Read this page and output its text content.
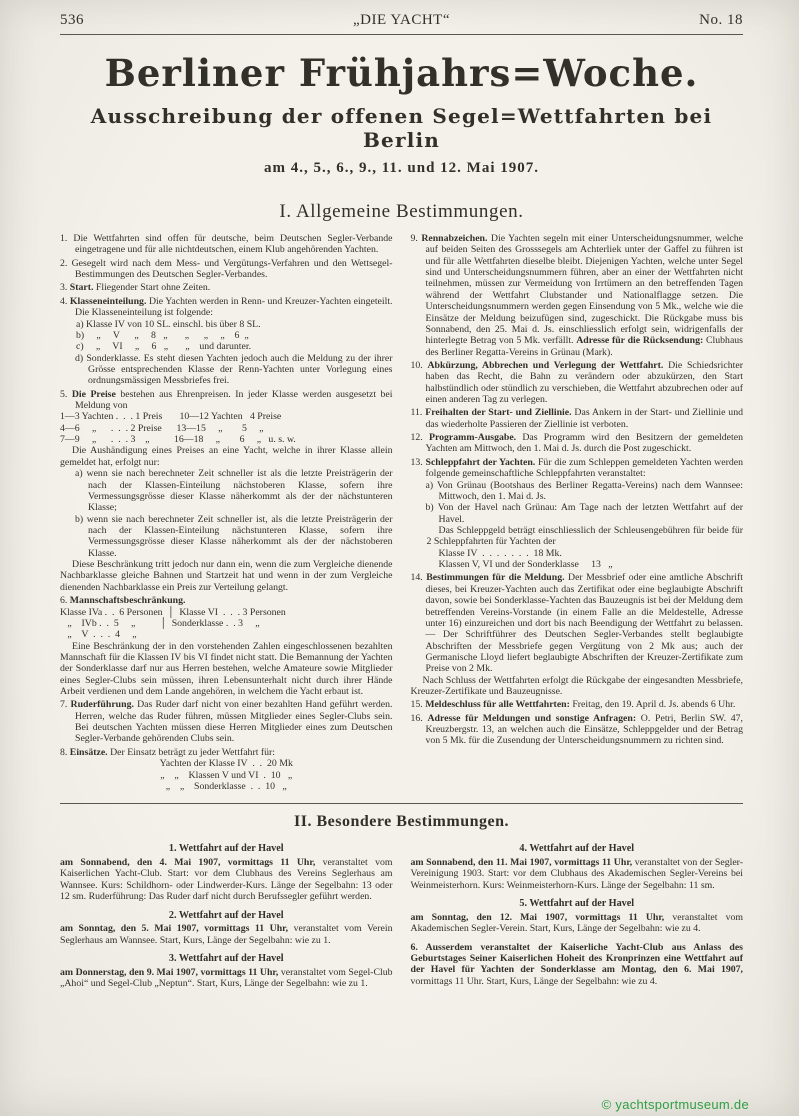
536	„DIE YACHT“	No. 18
Berliner Frühjahrs=Woche.
Ausschreibung der offenen Segel=Wettfahrten bei Berlin
am 4., 5., 6., 9., 11. und 12. Mai 1907.
I. Allgemeine Bestimmungen.

1. Die Wettfahrten sind offen für deutsche, beim Deutschen Segler-Verbande eingetragene und für alle nichtdeutschen, einem Klub angehörenden Yachten.

2. Gesegelt wird nach dem Mess- und Vergütungs-Verfahren und den Wettsegel-Bestimmungen des Deutschen Segler-Verbandes.

3. Start. Fliegender Start ohne Zeiten.

4. Klasseneinteilung. Die Yachten werden in Renn- und Kreuzer-Yachten eingeteilt. Die Klasseneinteilung ist folgende:

a) Klasse IV von 10 SL. einschl. bis über 8 SL.

b)     „     V      „     8   „       „      „     „    6  „

c)     „     VI     „     6   „       „    und darunter.

d) Sonderklasse. Es steht diesen Yachten jedoch auch die Meldung zu der ihrer Grösse entsprechenden Klasse der Renn-Yachten unter Vorlegung eines ordnungsmässigen Messbriefes frei.

5. Die Preise bestehen aus Ehrenpreisen. In jeder Klasse werden ausgesetzt bei Meldung von

1—3 Yachten .  .  . 1 Preis       10—12 Yachten   4 Preise

4—6     „      .  .  . 2 Preise      13—15     „        5     „

7—9     „      .  .  . 3    „          16—18     „        6     „   u. s. w.

Die Aushändigung eines Preises an eine Yacht, welche in ihrer Klasse allein gemeldet hat, erfolgt nur:

a) wenn sie nach berechneter Zeit schneller ist als die letzte Preisträgerin der nach der Klassen-Einteilung nächstoberen Klasse, sofern ihre Vermessungsgrösse dieser Klasse näherkommt als der der nächstunteren Klasse;

b) wenn sie nach berechneter Zeit schneller ist, als die letzte Preisträgerin der nach der Klassen-Einteilung nächstunteren Klasse, sofern ihre Vermessungsgrösse dieser Klasse näherkommt als der der nächstoberen Klasse.

Diese Beschränkung tritt jedoch nur dann ein, wenn die zum Vergleiche dienende Nachbarklasse gleiche Bahnen und Startzeit hat und wenn in der zum Vergleiche dienenden Nachbarklasse ein Preis zur Verteilung gelangt.

6. Mannschaftsbeschränkung.

Klasse IVa .  .  6 Personen  │  Klasse VI  .  .  . 3 Personen

„    IVb .  .  5     „          │  Sonderklasse .  . 3     „

„    V  .  .  .  4     „

Eine Beschränkung der in den vorstehenden Zahlen eingeschlossenen bezahlten Mannschaft für die Klassen IV bis VI findet nicht statt. Die Bemannung der Yachten der Sonderklasse darf nur aus Herren bestehen, welche Amateure sowie Mitglieder eines Segler-Clubs sein müssen, ihren Lebensunterhalt nicht durch ihrer Hände Arbeit verdienen und dem Lande angehören, in welchem die Yacht erbaut ist.

7. Ruderführung. Das Ruder darf nicht von einer bezahlten Hand geführt werden. Herren, welche das Ruder führen, müssen Mitglieder eines Segler-Clubs sein. Bei deutschen Yachten müssen diese Herren Mitglieder eines zum Deutschen Segler-Verbande gehörenden Clubs sein.

8. Einsätze. Der Einsatz beträgt zu jeder Wettfahrt für:

Yachten der Klasse IV  .  .  20 Mk

„    „    Klassen V und VI  .  10   „

„    „    Sonderklasse  .  .  10   „

9. Rennabzeichen. Die Yachten segeln mit einer Unterscheidungsnummer, welche auf beiden Seiten des Grosssegels am Achterliek unter der Gaffel zu führen ist und für alle Wettfahrten dieselbe bleibt. Diejenigen Yachten, welche unter Segel sind und Unterscheidungsnummern führen, aber an einer der Wettfahrten nicht teilnehmen, müssen zur Vermeidung von Irrtümern an den betreffenden Tagen während der Wettfahrt Clubstander und Nationalflagge setzen. Die Unterscheidungsnummern werden gegen Einsendung von 5 Mk., welche wie die Einsätze der Meldung beizufügen sind, zugeschickt. Die Rückgabe muss bis Sonnabend, den 25. Mai d. Js. einschliesslich erfolgt sein, widrigenfalls der hinterlegte Betrag von 5 Mk. verfällt. Adresse für die Rücksendung: Clubhaus des Berliner Regatta-Vereins in Grünau (Mark).

10. Abkürzung, Abbrechen und Verlegung der Wettfahrt. Die Schiedsrichter haben das Recht, die Bahn zu verändern oder abzukürzen, den Start halbstündlich oder stündlich zu verschieben, die Wettfahrt abzubrechen oder auf einen anderen Tag zu verlegen.

11. Freihalten der Start- und Ziellinie. Das Ankern in der Start- und Ziellinie und das wiederholte Passieren der Ziellinie ist verboten.

12. Programm-Ausgabe. Das Programm wird den Besitzern der gemeldeten Yachten am Mittwoch, den 1. Mai d. Js. durch die Post zugeschickt.

13. Schleppfahrt der Yachten. Für die zum Schleppen gemeldeten Yachten werden folgende gemeinschaftliche Schleppfahrten veranstaltet:

a) Von Grünau (Bootshaus des Berliner Regatta-Vereins) nach dem Wannsee: Mittwoch, den 1. Mai d. Js.

b) Von der Havel nach Grünau: Am Tage nach der letzten Wettfahrt auf der Havel.

Das Schleppgeld beträgt einschliesslich der Schleusengebühren für beide für 2 Schleppfahrten für Yachten der

Klasse IV  .  .  .  .  .  .  .  18 Mk.

Klassen V, VI und der Sonderklasse     13   „

14. Bestimmungen für die Meldung. Der Messbrief oder eine amtliche Abschrift dieses, bei Kreuzer-Yachten auch das Zertifikat oder eine beglaubigte Abschrift davon, sowie bei Sonderklasse-Yachten das Bauzeugnis ist bei der Meldung dem betreffenden Vereins-Vorstande (in einem Falle an die Meldestelle, Adresse unter 16) einzureichen und dort bis nach Beendigung der Wettfahrt zu belassen. — Der Schriftführer des Deutschen Segler-Verbandes stellt beglaubigte Abschriften der Messbriefe gegen Vergütung von 2 Mk aus; auch der Germanische Lloyd liefert beglaubigte Abschriften der Kreuzer-Zertifikate zum Preise von 2 Mk.

Nach Schluss der Wettfahrten erfolgt die Rückgabe der eingesandten Messbriefe, Kreuzer-Zertifikate und Bauzeugnisse.

15. Meldeschluss für alle Wettfahrten: Freitag, den 19. April d. Js. abends 6 Uhr.

16. Adresse für Meldungen und sonstige Anfragen: O. Petri, Berlin SW. 47, Kreuzbergstr. 13, an welchen auch die Einsätze, Schleppgelder und der Betrag von 5 Mk. für die Zusendung der Unterscheidungsnummern zu richten sind.

II. Besondere Bestimmungen.

1. Wettfahrt auf der Havel

am Sonnabend, den 4. Mai 1907, vormittags 11 Uhr, veranstaltet vom Kaiserlichen Yacht-Club. Start: vor dem Clubhaus des Vereins Seglerhaus am Wannsee. Kurs: Schildhorn- oder Lindwerder-Kurs. Länge der Segelbahn: 13 oder 12 sm. Ruderführung: Das Ruder darf nicht durch Berufssegler geführt werden.

2. Wettfahrt auf der Havel

am Sonntag, den 5. Mai 1907, vormittags 11 Uhr, veranstaltet vom Verein Seglerhaus am Wannsee. Start, Kurs, Länge der Segelbahn: wie zu 1.

3. Wettfahrt auf der Havel

am Donnerstag, den 9. Mai 1907, vormittags 11 Uhr, veranstaltet vom Segel-Club „Ahoi“ und Segel-Club „Neptun“. Start, Kurs, Länge der Segelbahn: wie zu 1.

4. Wettfahrt auf der Havel

am Sonnabend, den 11. Mai 1907, vormittags 11 Uhr, veranstaltet von der Segler-Vereinigung 1903. Start: vor dem Clubhaus des Akademischen Segler-Vereins bei Weinmeisterhorn. Kurs: Weinmeisterhorn-Kurs. Länge der Segelbahn: 11 sm.

5. Wettfahrt auf der Havel

am Sonntag, den 12. Mai 1907, vormittags 11 Uhr, veranstaltet vom Akademischen Segler-Verein. Start, Kurs, Länge der Segelbahn: wie zu 4.

6. Ausserdem veranstaltet der Kaiserliche Yacht-Club aus Anlass des Geburtstages Seiner Kaiserlichen Hoheit des Kronprinzen eine Wettfahrt auf der Havel für Yachten der Sonderklasse am Montag, den 6. Mai 1907, vormittags 11 Uhr. Start, Kurs, Länge der Segelbahn: wie zu 4.

© yachtsportmuseum.de
